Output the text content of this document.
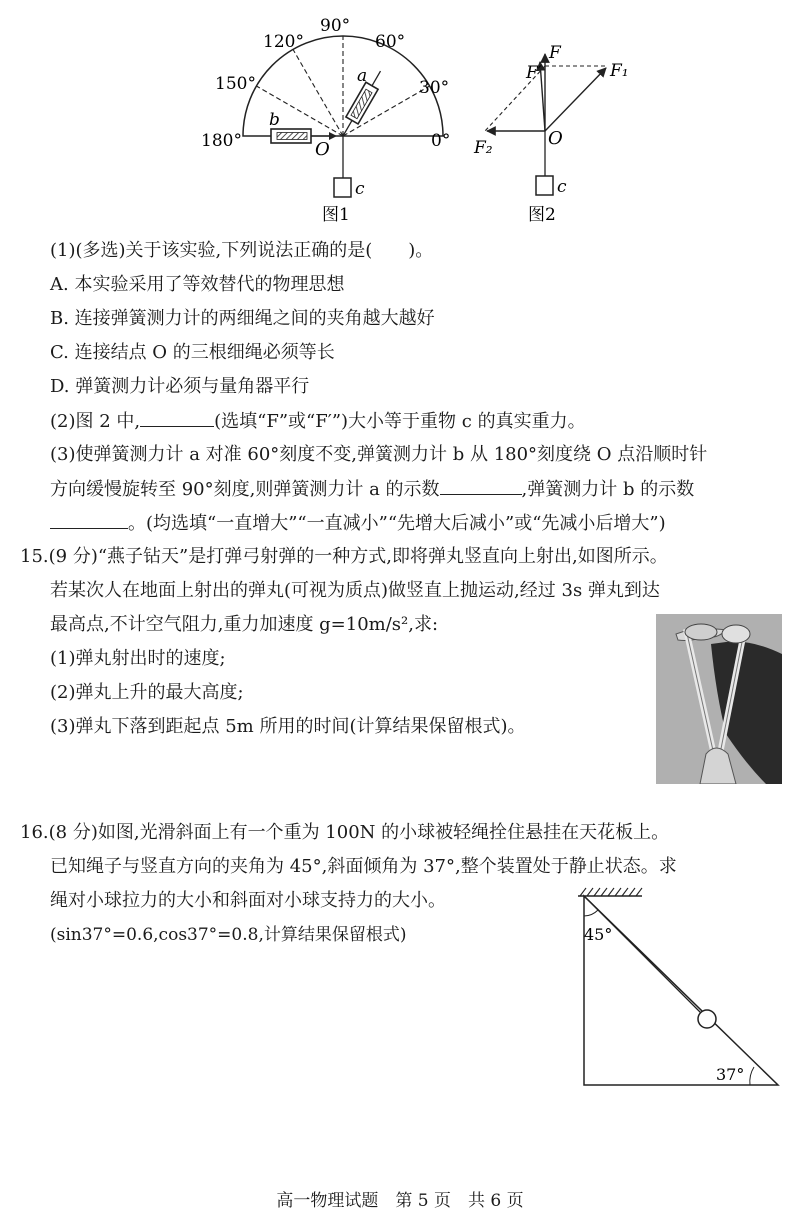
90°
120°	60°
150°	30°
180°	0°
a
b
O
c
图1
F
F′	F₁
F₂	O
c
图2
(1)(多选)关于该实验,下列说法正确的是(　　)。
A. 本实验采用了等效替代的物理思想
B. 连接弹簧测力计的两细绳之间的夹角越大越好
C. 连接结点 O 的三根细绳必须等长
D. 弹簧测力计必须与量角器平行
(2)图 2 中,	(选填“F”或“F′”)大小等于重物 c 的真实重力。
(3)使弹簧测力计 a 对准 60°刻度不变,弹簧测力计 b 从 180°刻度绕 O 点沿顺时针
方向缓慢旋转至 90°刻度,则弹簧测力计 a 的示数	,弹簧测力计 b 的示数
。(均选填“一直增大”“一直减小”“先增大后减小”或“先减小后增大”)
15.(9 分)“燕子钻天”是打弹弓射弹的一种方式,即将弹丸竖直向上射出,如图所示。
若某次人在地面上射出的弹丸(可视为质点)做竖直上抛运动,经过 3s 弹丸到达
最高点,不计空气阻力,重力加速度 g=10m/s²,求:
(1)弹丸射出时的速度;
(2)弹丸上升的最大高度;
(3)弹丸下落到距起点 5m 所用的时间(计算结果保留根式)。
16.(8 分)如图,光滑斜面上有一个重为 100N 的小球被轻绳拴住悬挂在天花板上。
已知绳子与竖直方向的夹角为 45°,斜面倾角为 37°,整个装置处于静止状态。求
绳对小球拉力的大小和斜面对小球支持力的大小。
(sin37°=0.6,cos37°=0.8,计算结果保留根式)	45°
37°
高一物理试题　第 5 页　共 6 页
